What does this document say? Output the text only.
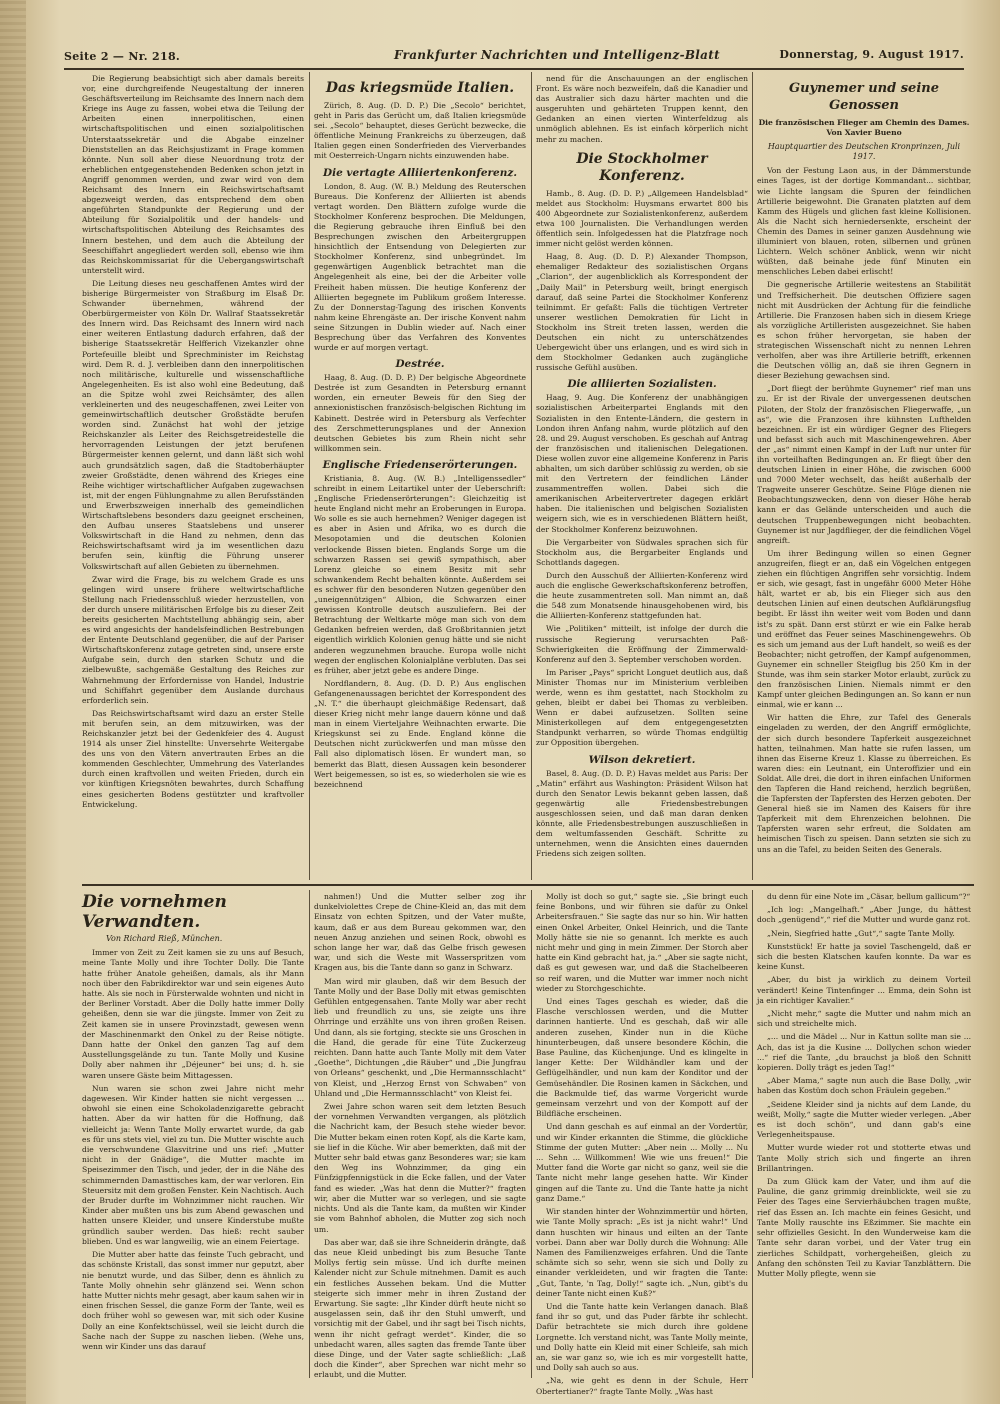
Seite 2 — Nr. 218.	Frankfurter Nachrichten und Intelligenz-Blatt	Donnerstag, 9. August 1917.

Die Regierung beabsichtigt sich aber damals bereits vor, eine durchgreifende Neugestaltung der inneren Geschäftsverteilung im Reichsamte des Innern nach dem Kriege ins Auge zu fassen, wobei etwa die Teilung der Arbeiten einen innerpolitischen, einen wirtschaftspolitischen und einen sozialpolitischen Unterstaatssekretär und die Abgabe einzelner Dienststellen an das Reichsjustizamt in Frage kommen könnte. Nun soll aber diese Neuordnung trotz der erheblichen entgegenstehenden Bedenken schon jetzt in Angriff genommen werden, und zwar wird von dem Reichsamt des Innern ein Reichswirtschaftsamt abgezweigt werden, das entsprechend dem oben angeführten Standpunkte der Regierung und der Abteilung für Sozialpolitik und der handels- und wirtschaftspolitischen Abteilung des Reichsamtes des Innern bestehen, und dem auch die Abteilung der Seeschiffahrt angegliedert werden soll, ebenso wie ihm das Reichskommissariat für die Uebergangswirtschaft unterstellt wird.

Die Leitung dieses neu geschaffenen Amtes wird der bisherige Bürgermeister von Straßburg im Elsaß Dr. Schwander übernehmen, während der Oberbürgermeister von Köln Dr. Wallraf Staatssekretär des Innern wird. Das Reichsamt des Innern wird nach einer weiteren Entlastung dadurch erfahren, daß der bisherige Staatssekretär Helfferich Vizekanzler ohne Portefeuille bleibt und Sprechminister im Reichstag wird. Dem R. d. J. verbleiben dann den innerpolitischen noch militärische, kulturelle und wissenschaftliche Angelegenheiten. Es ist also wohl eine Bedeutung, daß an die Spitze wohl zwei Reichsämter, des allen verkleinerten und des neugeschaffenen, zwei Leiter von gemeinwirtschaftlich deutscher Großstädte berufen worden sind. Zunächst hat wohl der jetzige Reichskanzler als Leiter des Reichsgetreidestelle die hervorragenden Leistungen der jetzt berufenen Bürgermeister kennen gelernt, und dann läßt sich wohl auch grundsätzlich sagen, daß die Stadtoberhäupter zweier Großstädte, denen während des Krieges eine Reihe wichtiger wirtschaftlicher Aufgaben zugewachsen ist, mit der engen Fühlungnahme zu allen Berufsständen und Erwerbszweigen innerhalb des gemeindlichen Wirtschaftslebens besonders dazu geeignet erscheinen, den Aufbau unseres Staatslebens und unserer Volkswirtschaft in die Hand zu nehmen, denn das Reichswirtschaftsamt wird ja im wesentlichen dazu berufen sein, künftig die Führung unserer Volkswirtschaft auf allen Gebieten zu übernehmen.

Zwar wird die Frage, bis zu welchem Grade es uns gelingen wird unsere frühere weltwirtschaftliche Stellung nach Friedensschluß wieder herzustellen, von der durch unsere militärischen Erfolge bis zu dieser Zeit bereits gesicherten Machtstellung abhängig sein, aber es wird angesichts der handelsfeindlichen Bestrebungen der Entente Deutschland gegenüber, die auf der Pariser Wirtschaftskonferenz zutage getreten sind, unsere erste Aufgabe sein, durch den starken Schutz und die zielbewußte, sachgemäße Gestaltung des Reiches zur Wahrnehmung der Erfordernisse von Handel, Industrie und Schiffahrt gegenüber dem Auslande durchaus erforderlich sein.

Das Reichswirtschaftsamt wird dazu an erster Stelle mit berufen sein, an dem mitzuwirken, was der Reichskanzler jetzt bei der Gedenkfeier des 4. August 1914 als unser Ziel hinstellte: Unversehrte Weitergabe des uns von den Vätern anvertrauten Erbes an die kommenden Geschlechter, Ummehrung des Vaterlandes durch einen kraftvollen und weiten Frieden, durch ein vor künftigen Kriegsnöten bewahrtes, durch Schaffung eines gesicherten Bodens gestützter und kraftvoller Entwickelung.

Das kriegsmüde Italien.

Zürich, 8. Aug. (D. D. P.) Die „Secolo“ berichtet, geht in Paris das Gerücht um, daß Italien kriegsmüde sei. „Secolo“ behauptet, dieses Gerücht bezwecke, die öffentliche Meinung Frankreichs zu überzeugen, daß Italien gegen einen Sonderfrieden des Vierverbandes mit Oesterreich-Ungarn nichts einzuwenden habe.

Die vertagte Alliiertenkonferenz.

London, 8. Aug. (W. B.) Meldung des Reuterschen Bureaus. Die Konferenz der Alliierten ist abends vertagt worden. Den Blättern zufolge wurde die Stockholmer Konferenz besprochen. Die Meldungen, die Regierung gebrauche ihren Einfluß bei den Besprechungen zwischen den Arbeitergruppen hinsichtlich der Entsendung von Delegierten zur Stockholmer Konferenz, sind unbegründet. Im gegenwärtigen Augenblick betrachtet man die Angelegenheit als eine, bei der die Arbeiter volle Freiheit haben müssen. Die heutige Konferenz der Alliierten begegnete im Publikum großem Interesse. Zu der Donnerstag-Tagung des irischen Konvents nahm keine Ehrengäste an. Der irische Konvent nahm seine Sitzungen in Dublin wieder auf. Nach einer Besprechung über das Verfahren des Konventes wurde er auf morgen vertagt.

Destrée.

Haag, 8. Aug. (D. D. P.) Der belgische Abgeordnete Destrée ist zum Gesandten in Petersburg ernannt worden, ein erneuter Beweis für den Sieg der annexionistischen französisch-belgischen Richtung im Kabinett. Destrée wird in Petersburg als Verfechter des Zerschmetterungsplanes und der Annexion deutschen Gebietes bis zum Rhein nicht sehr willkommen sein.

Englische Friedenserörterungen.

Kristiania, 8. Aug. (W. B.) „Intelligenssedler“ schreibt in einem Leitartikel unter der Ueberschrift: „Englische Friedenserörterungen“: Gleichzeitig ist heute England nicht mehr an Eroberungen in Europa. Wo solle es sie auch hernehmen? Weniger dagegen ist es aber in Asien und Afrika, wo es durch die Mesopotamien und die deutschen Kolonien verlockende Bissen bieten. Englands Sorge um die schwarzen Rassen sei gewiß sympathisch, aber Lorenz gleiche so einem Besitz mit sehr schwankendem Recht behalten könnte. Außerdem sei es schwer für den besonderen Nutzen gegenüber den „uneigennützigen“ Albion, die Schwarzen einer gewissen Kontrolle deutsch auszuliefern. Bei der Betrachtung der Weltkarte möge man sich von dem Gedanken befreien werden, daß Großbritannien jetzt eigentlich wirklich Kolonien genug hätte und sie nicht anderen wegzunehmen brauche. Europa wolle nicht wegen der englischen Kolonialpläne verbluten. Das sei es früher, aber jetzt gebe es andere Dinge.

Nordflandern, 8. Aug. (D. D. P.) Aus englischen Gefangenenaussagen berichtet der Korrespondent des „N. T.“ die überhaupt gleichmäßige Redensart, daß dieser Krieg nicht mehr lange dauern könne und daß man in einem Vierteljahre Weihnachten erwarte. Die Kriegskunst sei zu Ende. England könne die Deutschen nicht zurückwerfen und man müsse den Fall also diplomatisch lösen. Er wundert man, so bemerkt das Blatt, diesen Aussagen kein besonderer Wert beigemessen, so ist es, so wiederholen sie wie es bezeichnend

nend für die Anschauungen an der englischen Front. Es wäre noch bezweifeln, daß die Kanadier und das Australier sich dazu härter machten und die ausgeruhten und gehärteten Truppen kennt, den Gedanken an einen vierten Winterfeldzug als unmöglich ablehnen. Es ist einfach körperlich nicht mehr zu machen.

Die Stockholmer Konferenz.

Hamb., 8. Aug. (D. D. P.) „Allgemeen Handelsblad“ meldet aus Stockholm: Huysmans erwartet 800 bis 400 Abgeordnete zur Sozialistenkonferenz, außerdem etwa 100 Journalisten. Die Verhandlungen werden öffentlich sein. Infolgedessen hat die Platzfrage noch immer nicht gelöst werden können.

Haag, 8. Aug. (D. D. P.) Alexander Thompson, ehemaliger Redakteur des sozialistischen Organs „Clarion“, der augenblicklich als Korrespondent der „Daily Mail“ in Petersburg weilt, bringt energisch darauf, daß seine Partei die Stockholmer Konferenz teilnimmt. Er gefaßt: Falls die tüchtigen Vertreter unserer westlichen Demokratien für Licht in Stockholm ins Streit treten lassen, werden die Deutschen ein nicht zu unterschätzendes Uebergewicht über uns erlangen, und es wird sich in dem Stockholmer Gedanken auch zugängliche russische Gefühl ausüben.

Die alliierten Sozialisten.

Haag, 9. Aug. Die Konferenz der unabhängigen sozialistischen Arbeiterpartei Englands mit den Sozialisten in den Entente-Ländern, die gestern in London ihren Anfang nahm, wurde plötzlich auf den 28. und 29. August verschoben. Es geschah auf Antrag der französischen und italienischen Delegationen. Diese wollen zuvor eine allgemeine Konferenz in Paris abhalten, um sich darüber schlüssig zu werden, ob sie mit den Vertretern der feindlichen Länder zusammentreffen wollen. Dabei sich die amerikanischen Arbeitervertreter dagegen erklärt haben. Die italienischen und belgischen Sozialisten weigern sich, wie es in verschiedenen Blättern heißt, der Stockholmer Konferenz beizuwohnen.

Die Vergarbeiter von Südwales sprachen sich für Stockholm aus, die Bergarbeiter Englands und Schottlands dagegen.

Durch den Ausschuß der Alliierten-Konferenz wird auch die englische Gewerkschaftskonferenz betroffen, die heute zusammentreten soll. Man nimmt an, daß die 548 zum Monatsende hinausgehobenen wird, bis die Alliierten-Konferenz stattgefunden hat.

Wie „Politiken“ mitteilt, ist infolge der durch die russische Regierung verursachten Paß-Schwierigkeiten die Eröffnung der Zimmerwald-Konferenz auf den 3. September verschoben worden.

Im Pariser „Pays“ spricht Longuet deutlich aus, daß Minister Thomas nur im Ministerium verbleiben werde, wenn es ihm gestattet, nach Stockholm zu gehen, bleibt er dabei bei Thomas zu verbleiben. Wenn er dabei aufzusetzen. Sollten seine Ministerkollegen auf dem entgegengesetzten Standpunkt verharren, so würde Thomas endgültig zur Opposition übergehen.

Wilson dekretiert.

Basel, 8. Aug. (D. D. P.) Havas meldet aus Paris: Der „Matin“ erfährt aus Washington: Präsident Wilson hat durch den Senator Lewis bekannt geben lassen, daß gegenwärtig alle Friedensbestrebungen ausgeschlossen seien, und daß man daran denken könnte, alle Friedensbestrebungen auszuschließen in dem weltumfassenden Geschäft. Schritte zu unternehmen, wenn die Ansichten eines dauernden Friedens sich zeigen sollten.

Guynemer und seine Genossen

Die französischen Flieger am Chemin des Dames. Von Xavier Bueno

Hauptquartier des Deutschen Kronprinzen, Juli 1917.

Von der Festung Laon aus, in der Dämmerstunde eines Tages, ist der dortige Kommandant... sichtbar, wie Lichte langsam die Spuren der feindlichen Artillerie beigewohnt. Die Granaten platzten auf dem Kamm des Hügels und glichen fast kleine Kollisionen. Als die Nacht sich herniedersenkte, erscheint der Chemin des Dames in seiner ganzen Ausdehnung wie illuminiert von blauen, roten, silbernen und grünen Lichtern. Welch schöner Anblick, wenn wir nicht wüßten, daß beinahe jede fünf Minuten ein menschliches Leben dabei erlischt!

Die gegnerische Artillerie weitestens an Stabilität und Treffsicherheit. Die deutschen Offiziere sagen nicht mit Ausdrücken der Achtung für die feindliche Artillerie. Die Franzosen haben sich in diesem Kriege als vorzügliche Artilleristen ausgezeichnet. Sie haben es schon früher hervorgetan, sie haben der strategischen Wissenschaft nicht zu nennen Lehren verholfen, aber was ihre Artillerie betrifft, erkennen die Deutschen völlig an, daß sie ihren Gegnern in dieser Beziehung gewachsen sind.

„Dort fliegt der berühmte Guynemer“ rief man uns zu. Er ist der Rivale der unvergessenen deutschen Piloten, der Stolz der französischen Fliegerwaffe, „un as“, wie die Franzosen ihre kühnsten Lufthelden bezeichnen. Er ist ein würdiger Gegner des Fliegers und befasst sich auch mit Maschinengewehren. Aber der „as“ nimmt einen Kampf in der Luft nur unter für ihn vorteilhaften Bedingungen an. Er fliegt über den deutschen Linien in einer Höhe, die zwischen 6000 und 7000 Meter wechselt, das heißt außerhalb der Tragweite unserer Geschütze. Seine Flüge dienen nie Beobachtungszwecken, denn von dieser Höhe herab kann er das Gelände unterscheiden und auch die deutschen Truppenbewegungen nicht beobachten. Guynemer ist nur Jagdflieger, der die feindlichen Vögel angreift.

Um ihrer Bedingung willen so einen Gegner anzugreifen, fliegt er an, daß ein Vögelchen entgegen ziehen ein flüchtigen Angriffen sehr vorsichtig. Indem er sich, wie gesagt, fast in ungefähr 6000 Meter Höhe hält, wartet er ab, bis ein Flieger sich aus den deutschen Linien auf einen deutschen Aufklärungsflug begibt. Er lässt ihn weiter weit vom Boden und dann ist's zu spät. Dann erst stürzt er wie ein Falke herab und eröffnet das Feuer seines Maschinengewehrs. Ob es sich um jemand aus der Luft handelt, so weiß es der Beobachter; nicht getroffen, der Kampf aufgenommen, Guynemer ein schneller Steigflug bis 250 Km in der Stunde, was ihm sein starker Motor erlaubt, zurück zu den französischen Linien. Niemals nimmt er den Kampf unter gleichen Bedingungen an. So kann er nun einmal, wie er kann ...

Wir hatten die Ehre, zur Tafel des Generals eingeladen zu werden, der den Angriff ermöglichte, der sich durch besondere Tapferkeit ausgezeichnet hatten, teilnahmen. Man hatte sie rufen lassen, um ihnen das Eiserne Kreuz 1. Klasse zu überreichen. Es waren dies: ein Leutnant, ein Unteroffizier und ein Soldat. Alle drei, die dort in ihren einfachen Uniformen den Tapferen die Hand reichend, herzlich begrüßen, die Tapfersten der Tapfersten des Herzen geboten. Der General hieß sie im Namen des Kaisers für ihre Tapferkeit mit dem Ehrenzeichen belohnen. Die Tapfersten waren sehr erfreut, die Soldaten am heimischen Tisch zu speisen. Dann setzten sie sich zu uns an die Tafel, zu beiden Seiten des Generals.

Die vornehmen Verwandten.

Von Richard Rieß, München.

Immer von Zeit zu Zeit kamen sie zu uns auf Besuch, meine Tante Molly und ihre Tochter Dolly. Die Tante hatte früher Anatole geheißen, damals, als ihr Mann noch über den Fabrikdirektor war und sein eigenes Auto hatte. Als sie noch in Fürsterwalde wohnten und nicht in der Berliner Vorstadt. Aber die Dolly hatte immer Dolly geheißen, denn sie war die jüngste. Immer von Zeit zu Zeit kamen sie in unsere Provinzstadt, gewesen wenn der Maschinenmarkt den Onkel zu der Reise nötigte. Dann hatte der Onkel den ganzen Tag auf dem Ausstellungsgelände zu tun. Tante Molly und Kusine Dolly aber nahmen ihr „Déjeuner“ bei uns; d. h. sie waren unsere Gäste beim Mittagessen.

Nun waren sie schon zwei Jahre nicht mehr dagewesen. Wir Kinder hatten sie nicht vergessen ... obwohl sie einen eine Schokoladenzigarette gebracht hatten. Aber da wir hatten für die Hoffnung, daß vielleicht ja: Wenn Tante Molly erwartet wurde, da gab es für uns stets viel, viel zu tun. Die Mutter wischte auch die verschwundene Glasvitrine und uns rief: „Mutter nicht in der Gnädige“, die Mutter machte im Speisezimmer den Tisch, und jeder, der in die Nähe des schimmernden Damasttisches kam, der war verloren. Ein Steuersitz mit dem großen Fenster. Kein Nachtisch. Auch der Bruder durfte im Wohnzimmer nicht rauchen. Wir Kinder aber mußten uns bis zum Abend gewaschen und hatten unsere Kleider, und unsere Kinderstube mußte gründlich sauber werden. Das hieß: recht sauber blieben. Und es war langweilig, wie an einem Feiertage.

Die Mutter aber hatte das feinste Tuch gebracht, und das schönste Kristall, das sonst immer nur geputzt, aber nie benutzt wurde, und das Silber, denn es ähnlich zu Tante Molly ohnehin sehr glänzend sei. Wenn schon hatte Mutter nichts mehr gesagt, aber kaum sahen wir in einen frischen Sessel, die ganze Form der Tante, weil es doch früher wohl so gewesen war, mit sich oder Kusine Dolly an eine Konfektschüssel, weil sie leicht durch die Sache nach der Suppe zu naschen lieben. (Wehe uns, wenn wir Kinder uns das darauf

nahmen!) Und die Mutter selber zog ihr dunkelviolettes Crepe de Chine-Kleid an, das mit dem Einsatz von echten Spitzen, und der Vater mußte, kaum, daß er aus dem Bureau gekommen war, den neuen Anzug anziehen und seinen Rock, obwohl es schon lange her war, daß das Gelbe frisch gewesen war, und sich die Weste mit Wasserspritzen vom Kragen aus, bis die Tante dann so ganz in Schwarz.

Man wird mir glauben, daß wir dem Besuch der Tante Molly und der Base Dolly mit etwas gemischten Gefühlen entgegensahen. Tante Molly war aber recht lieb und freundlich zu uns, sie zeigte uns ihre Ohrringe und erzählte uns von ihren großen Reisen. Und dann, als sie fortging, steckte sie uns Groschen in die Hand, die gerade für eine Tüte Zuckerzeug reichten. Dann hatte auch Tante Molly mit dem Vater „Goethe“, Dichtungen „die Räuber“ und „Die Jungfrau von Orleans“ geschenkt, und „Die Hermannsschlacht“ von Kleist, und „Herzog Ernst von Schwaben“ von Uhland und „Die Hermannsschlacht“ von Kleist fei.

Zwei Jahre schon waren seit dem letzten Besuch der vornehmen Verwandten vergangen, als plötzlich die Nachricht kam, der Besuch stehe wieder bevor. Die Mutter bekam einen roten Kopf, als die Karte kam, sie lief in die Küche. Wir aber bemerkten, daß mit der Mutter sehr bald etwas ganz Besonderes war; sie kam den Weg ins Wohnzimmer, da ging ein Fünfzigpfennigstück in die Ecke fallen, und der Vater fand es wieder. „Was hat denn die Mutter?“ fragten wir, aber die Mutter war so verlegen, und sie sagte nichts. Und als die Tante kam, da mußten wir Kinder sie vom Bahnhof abholen, die Mutter zog sich noch um.

Das aber war, daß sie ihre Schneiderin drängte, daß das neue Kleid unbedingt bis zum Besuche Tante Mollys fertig sein müsse. Und ich durfte meinen Kalender nicht zur Schule mitnehmen. Damit es auch ein festliches Aussehen bekam. Und die Mutter steigerte sich immer mehr in ihren Zustand der Erwartung. Sie sagte: „Ihr Kinder dürft heute nicht so ausgelassen sein, daß ihr den Stuhl umwerft, und vorsichtig mit der Gabel, und ihr sagt bei Tisch nichts, wenn ihr nicht gefragt werdet“. Kinder, die so unbedacht waren, alles sagten das fremde Tante über diese Dinge, und der Vater sagte schließlich: „Laß doch die Kinder“, aber Sprechen war nicht mehr so erlaubt, und die Mutter.

Molly ist doch so gut,“ sagte sie. „Sie bringt euch feine Bonbons, und wir führen sie dafür zu Onkel Arbeitersfrauen.“ Sie sagte das nur so hin. Wir hatten einen Onkel Arbeiter, Onkel Heinrich, und die Tante Molly hätte sie nie so genannt. Ich merkte es auch nicht mehr und ging in mein Zimmer. Der Storch aber hatte ein Kind gebracht hat, ja.“ „Aber sie sagte nicht, daß es gut gewesen war, und daß die Stachelbeeren so reif waren, und die Mutter war immer noch nicht wieder zu Storchgeschichte.

Und eines Tages geschah es wieder, daß die Flasche verschlossen werden, und die Mutter darinnen hantierte. Und es geschah, daß wir alle anderen zusehen, Kinder nun in die Küche hinunterbeugen, daß unsere besondere Köchin, die Base Pauline, das Küchenjunge. Und es klingelte in langer Kette: Der Wildhändler kam und der Geflügelhändler, und nun kam der Konditor und der Gemüsehändler. Die Rosinen kamen in Säckchen, und die Backmulde tief, das warme Vorgericht wurde gemeinsam verzehrt und von der Kompott auf der Bildfläche erscheinen.

Und dann geschah es auf einmal an der Vordertür, und wir Kinder erkannten die Stimme, die glückliche Stimme der guten Mutter: „Aber nein ... Molly ... Nu ... Sehn ... Willkommen! Wie wie uns freuen!“ Die Mutter fand die Worte gar nicht so ganz, weil sie die Tante nicht mehr lange gesehen hatte. Wir Kinder gingen auf die Tante zu. Und die Tante hatte ja nicht ganz Dame.“

Wir standen hinter der Wohnzimmertür und hörten, wie Tante Molly sprach: „Es ist ja nicht wahr!“ Und dann huschten wir hinaus und eilten an der Tante vorbei. Dann aber war Dolly durch die Wohnung: Alle Namen des Familienzweiges erfahren. Und die Tante schämte sich so sehr, wenn sie sich und Dolly zu einander verkleideten, und wir fragten die Tante: „Gut, Tante, 'n Tag, Dolly!“ sagte ich. „Nun, gibt's du deiner Tante nicht einen Kuß?“

Und die Tante hatte kein Verlangen danach. Blaß fand ihr so gut, und das Puder färbte ihr schlecht. Dafür betrachtete sie mich durch ihre goldene Lorgnette. Ich verstand nicht, was Tante Molly meinte, und Dolly hatte ein Kleid mit einer Schleife, sah mich an, sie war ganz so, wie ich es mir vorgestellt hatte, und Dolly sah auch so aus.

„Na, wie geht es denn in der Schule, Herr Obertertianer?“ fragte Tante Molly. „Was hast

du denn für eine Note im „Cäsar, bellum gallicum“?“

„Ich log: „Mangelhaft.“ „Aber Junge, du hättest doch „genügend“,“ rief die Mutter und wurde ganz rot.

„Nein, Siegfried hatte „Gut“,“ sagte Tante Molly.

Kunststück! Er hatte ja soviel Taschengeld, daß er sich die besten Klatschen kaufen konnte. Da war es keine Kunst.

„Aber, du bist ja wirklich zu deinem Vorteil verändert! Keine Tintenfinger ... Emma, dein Sohn ist ja ein richtiger Kavalier.“

„Nicht mehr,“ sagte die Mutter und nahm mich an sich und streichelte mich.

„... und die Mädel ... Nur in Kattun sollte man sie ... Ach, das ist ja die Kusine ... Dollychen schon wieder ...“ rief die Tante, „du brauchst ja bloß den Schnitt kopieren. Dolly trägt es jeden Tag!“

„Aber Mama,“ sagte nun auch die Base Dolly, „wir haben das Kostüm doch schon Fräulein gegeben.“

„Seidene Kleider sind ja nichts auf dem Lande, du weißt, Molly,“ sagte die Mutter wieder verlegen. „Aber es ist doch schön“, und dann gab's eine Verlegenheitspause.

Mutter wurde wieder rot und stotterte etwas und Tante Molly strich sich und fingerte an ihren Brillantringen.

Da zum Glück kam der Vater, und ihm auf die Pauline, die ganz grimmig dreinblickte, weil sie zu Feier des Tages eine Servierhäubchen tragen mußte, rief das Essen an. Ich machte ein feines Gesicht, und Tante Molly rauschte ins Eßzimmer. Sie machte ein sehr offizielles Gesicht. In den Wunderweise kam die Tante sehr daran vorbei, und der Vater trug ein zierliches Schildpatt, vorhergeheißen, gleich zu Anfang den schönsten Teil zu Kaviar Tanzblättern. Die Mutter Molly pflegte, wenn sie
